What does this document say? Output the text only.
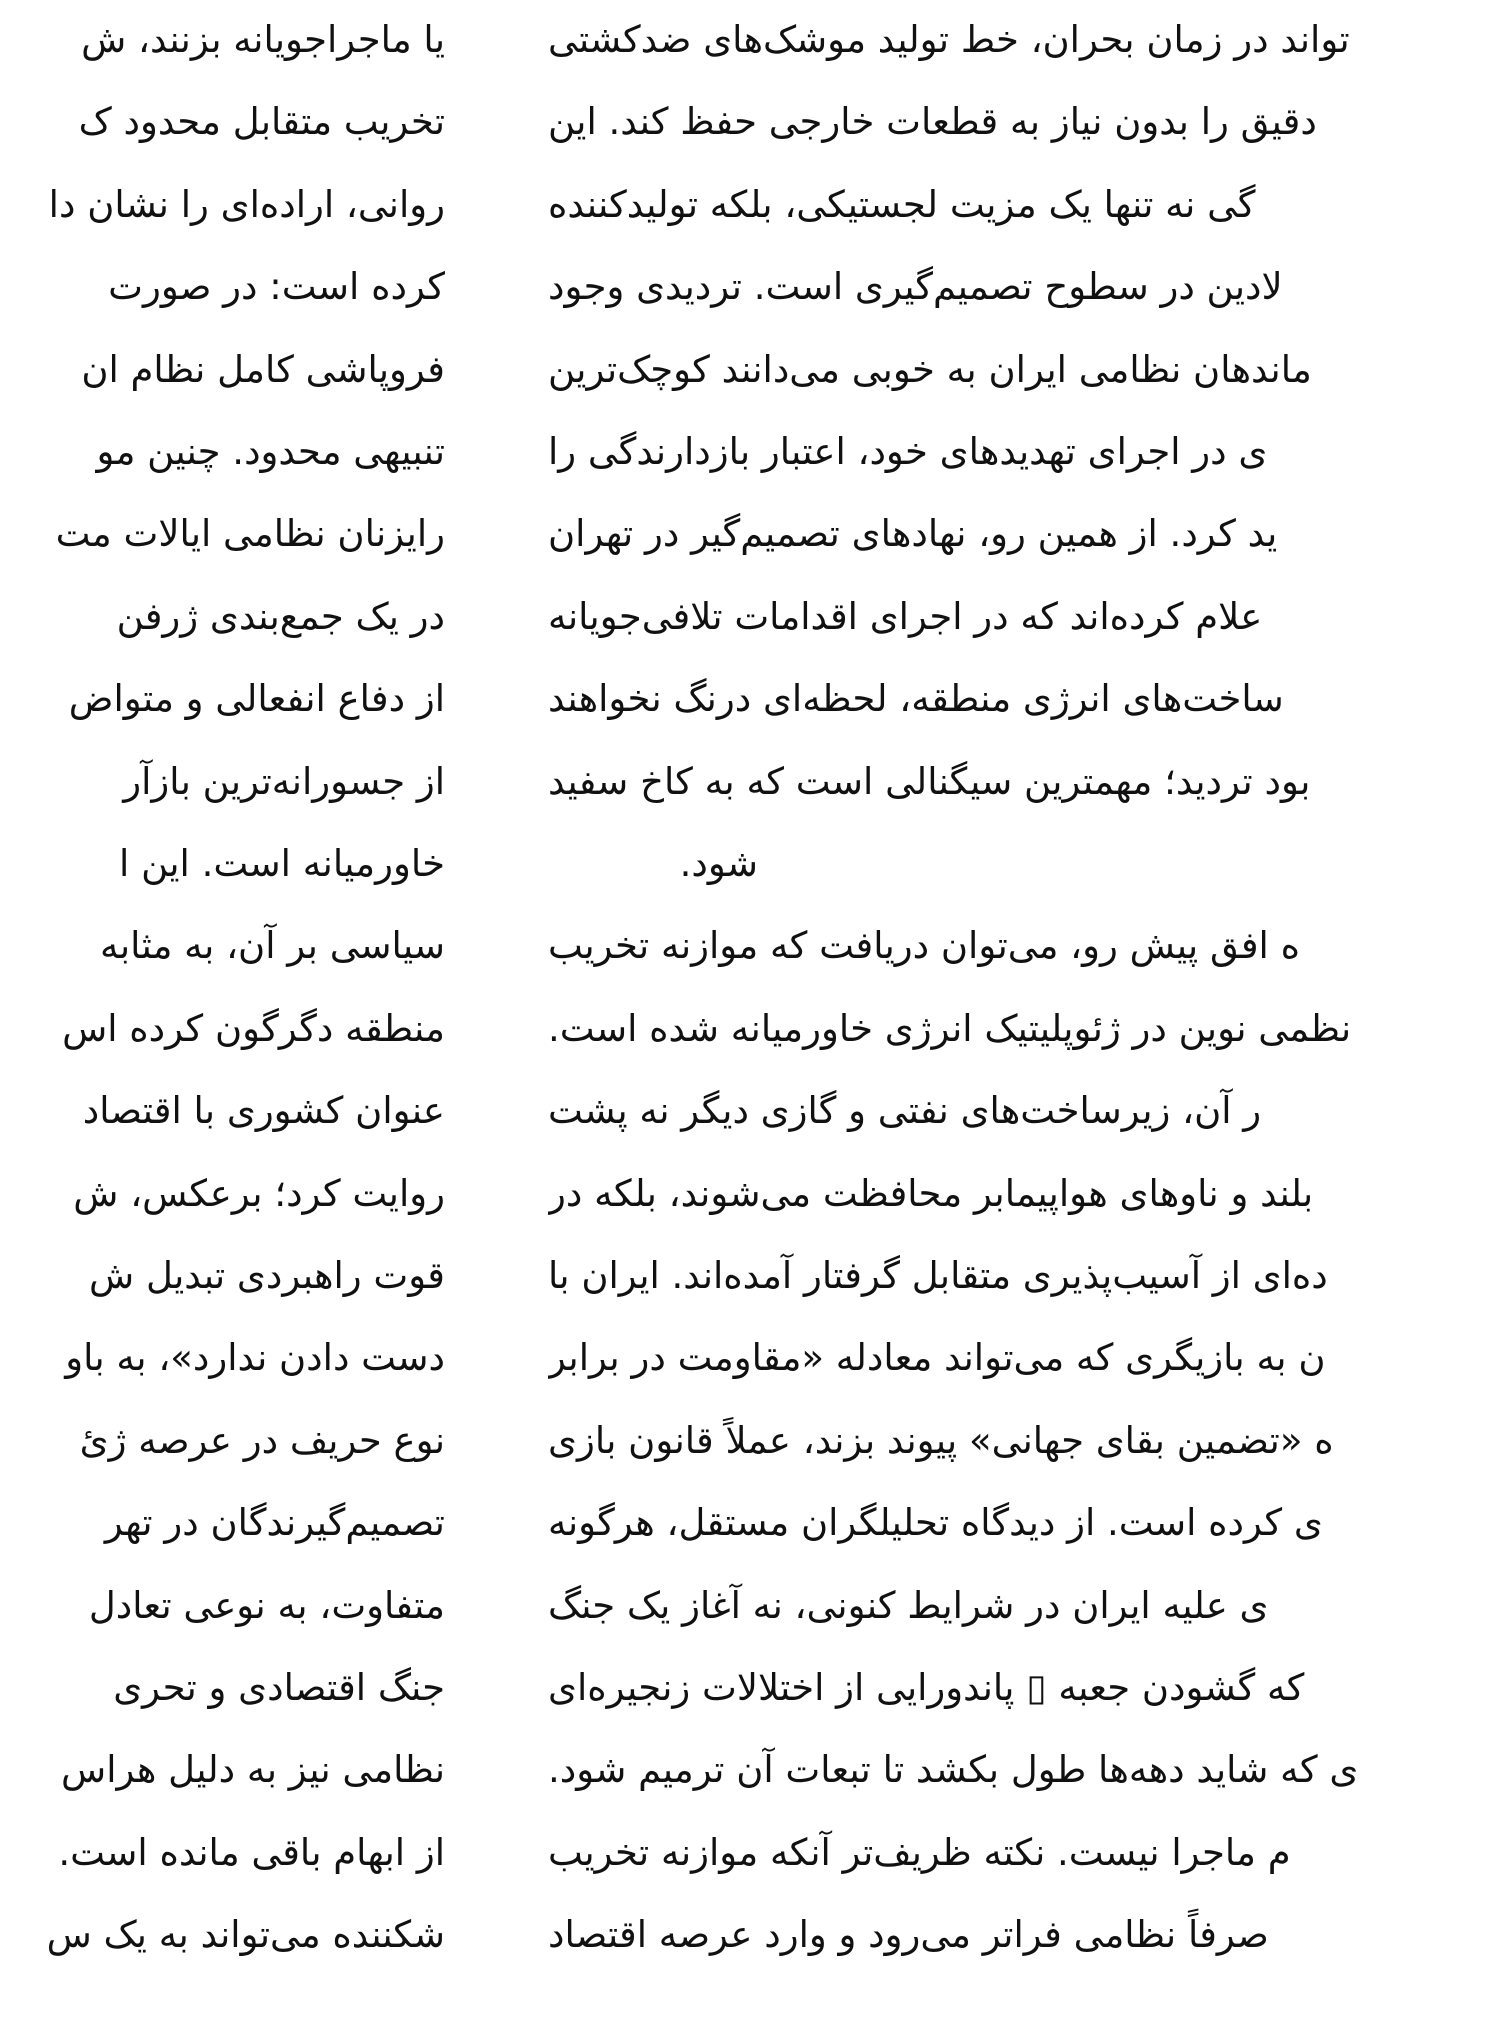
یا ماجراجویانه بزنند، ش
تخریب متقابل محدود ک
روانی، اراده‌ای را نشان دا
کرده است: در صورت
فروپاشی کامل نظام ان
تنبیهی محدود. چنین مو
رایزنان نظامی ایالات مت
در یک جمع‌بندی ژرفن
از دفاع انفعالی و متواض
از جسورانه‌ترین بازآر
خاورمیانه است. این ا
سیاسی بر آن، به مثابه
منطقه دگرگون کرده اس
عنوان کشوری با اقتصاد
روایت کرد؛ برعکس، ش
قوت راهبردی تبدیل ش
دست دادن ندارد»، به باو
نوع حریف در عرصه ژئ
تصمیم‌گیرندگان در تهر
متفاوت، به نوعی تعادل
جنگ اقتصادی و تحری
نظامی نیز به دلیل هراس
از ابهام باقی مانده است.
شکننده می‌تواند به یک س
تواند در زمان بحران، خط تولید موشک‌های ضدکشتی
دقیق را بدون نیاز به قطعات خارجی حفظ کند. این
گی نه تنها یک مزیت لجستیکی، بلکه تولیدکننده
لادین در سطوح تصمیم‌گیری است. تردیدی وجود
ماندهان نظامی ایران به خوبی می‌دانند کوچک‌ترین
ی در اجرای تهدیدهای خود، اعتبار بازدارندگی را
ید کرد. از همین رو، نهادهای تصمیم‌گیر در تهران
علام کرده‌اند که در اجرای اقدامات تلافی‌جویانه
ساخت‌های انرژی منطقه، لحظه‌ای درنگ نخواهند
بود تردید؛ مهمترین سیگنالی است که به کاخ سفید
شود.
ه افق پیش رو، می‌توان دریافت که موازنه تخریب
نظمی نوین در ژئوپلیتیک انرژی خاورمیانه شده است.
ر آن، زیرساخت‌های نفتی و گازی دیگر نه پشت
بلند و ناوهای هواپیمابر محافظت می‌شوند، بلکه در
ده‌ای از آسیب‌پذیری متقابل گرفتار آمده‌اند. ایران با
ن به بازیگری که می‌تواند معادله «مقاومت در برابر
ه «تضمین بقای جهانی» پیوند بزند، عملاً قانون بازی
ی کرده است. از دیدگاه تحلیلگران مستقل، هرگونه
ی علیه ایران در شرایط کنونی، نه آغاز یک جنگ
که گشودن جعبه ▯ پاندورایی از اختلالات زنجیره‌ای
ی که شاید دهه‌ها طول بکشد تا تبعات آن ترمیم شود.
م ماجرا نیست. نکته ظریف‌تر آنکه موازنه تخریب
صرفاً نظامی فراتر می‌رود و وارد عرصه اقتصاد
